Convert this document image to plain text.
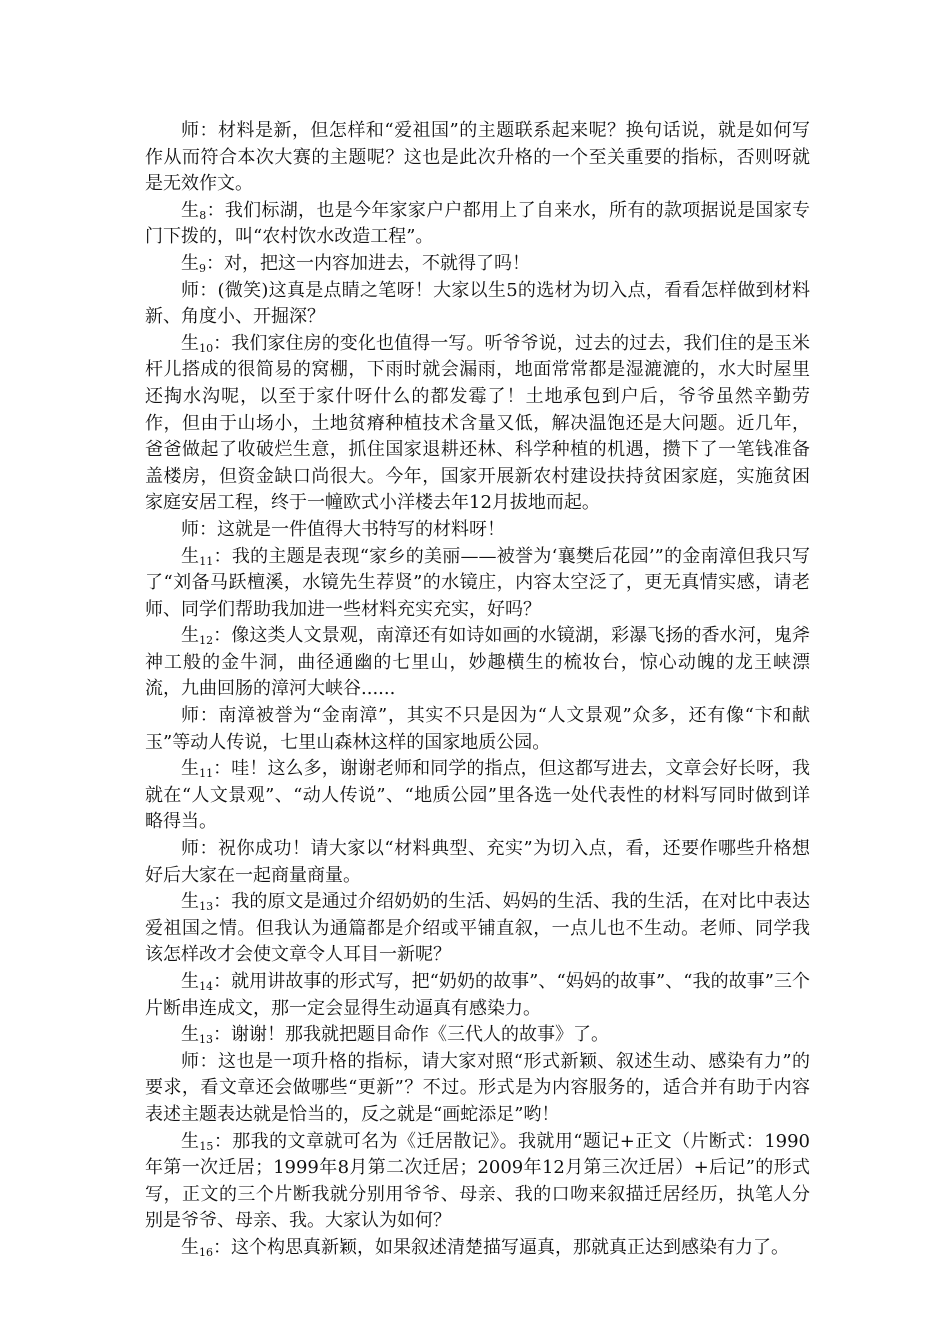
师：材料是新，但怎样和“爱祖国”的主题联系起来呢？换句话说，就是如何写作从而符合本次大赛的主题呢？这也是此次升格的一个至关重要的指标，否则呀就是无效作文。

生$_8$：我们标湖，也是今年家家户户都用上了自来水，所有的款项据说是国家专门下拨的，叫“农村饮水改造工程”。

生$_9$：对，把这一内容加进去，不就得了吗！

师：(微笑)这真是点睛之笔呀！大家以生5的选材为切入点，看看怎样做到材料新、角度小、开掘深？

生$_{10}$：我们家住房的变化也值得一写。听爷爷说，过去的过去，我们住的是玉米杆儿搭成的很简易的窝棚，下雨时就会漏雨，地面常常都是湿漉漉的，水大时屋里还掏水沟呢，以至于家什呀什么的都发霉了！土地承包到户后，爷爷虽然辛勤劳作，但由于山场小，土地贫瘠种植技术含量又低，解决温饱还是大问题。近几年，爸爸做起了收破烂生意，抓住国家退耕还林、科学种植的机遇，攒下了一笔钱准备盖楼房，但资金缺口尚很大。今年，国家开展新农村建设扶持贫困家庭，实施贫困家庭安居工程，终于一幢欧式小洋楼去年12月拔地而起。

师：这就是一件值得大书特写的材料呀！

生$_{11}$：我的主题是表现“家乡的美丽——被誉为‘襄樊后花园’”的金南漳但我只写了“刘备马跃檀溪，水镜先生荐贤”的水镜庄，内容太空泛了，更无真情实感，请老师、同学们帮助我加进一些材料充实充实，好吗？

生$_{12}$：像这类人文景观，南漳还有如诗如画的水镜湖，彩瀑飞扬的香水河，鬼斧神工般的金牛洞，曲径通幽的七里山，妙趣横生的梳妆台，惊心动魄的龙王峡漂流，九曲回肠的漳河大峡谷......

师：南漳被誉为“金南漳”，其实不只是因为“人文景观”众多，还有像“卞和献玉”等动人传说，七里山森林这样的国家地质公园。

生$_{11}$：哇！这么多，谢谢老师和同学的指点，但这都写进去，文章会好长呀，我就在“人文景观”、“动人传说”、“地质公园”里各选一处代表性的材料写同时做到详略得当。

师：祝你成功！请大家以“材料典型、充实”为切入点，看，还要作哪些升格想好后大家在一起商量商量。

生$_{13}$：我的原文是通过介绍奶奶的生活、妈妈的生活、我的生活，在对比中表达爱祖国之情。但我认为通篇都是介绍或平铺直叙，一点儿也不生动。老师、同学我该怎样改才会使文章令人耳目一新呢？

生$_{14}$：就用讲故事的形式写，把“奶奶的故事”、“妈妈的故事”、“我的故事”三个片断串连成文，那一定会显得生动逼真有感染力。

生$_{13}$：谢谢！那我就把题目命作《三代人的故事》了。

师：这也是一项升格的指标，请大家对照“形式新颖、叙述生动、感染有力”的要求，看文章还会做哪些“更新”？不过。形式是为内容服务的，适合并有助于内容表述主题表达就是恰当的，反之就是“画蛇添足”哟！

生$_{15}$：那我的文章就可名为《迁居散记》。我就用“题记+正文（片断式：1990年第一次迁居；1999年8月第二次迁居；2009年12月第三次迁居）+后记”的形式写，正文的三个片断我就分别用爷爷、母亲、我的口吻来叙描迁居经历，执笔人分别是爷爷、母亲、我。大家认为如何？

生$_{16}$：这个构思真新颖，如果叙述清楚描写逼真，那就真正达到感染有力了。
